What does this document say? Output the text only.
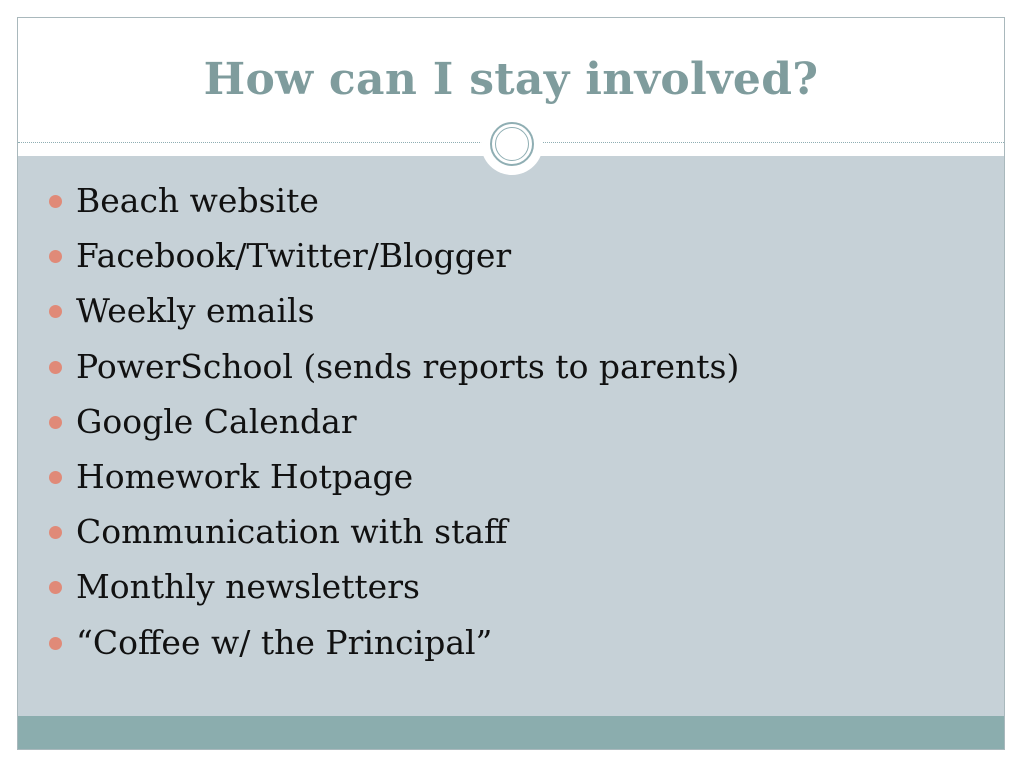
How can I stay involved?
Beach website
Facebook/Twitter/Blogger
Weekly emails
PowerSchool (sends reports to parents)
Google Calendar
Homework Hotpage
Communication with staff
Monthly newsletters
“Coffee w/ the Principal”
